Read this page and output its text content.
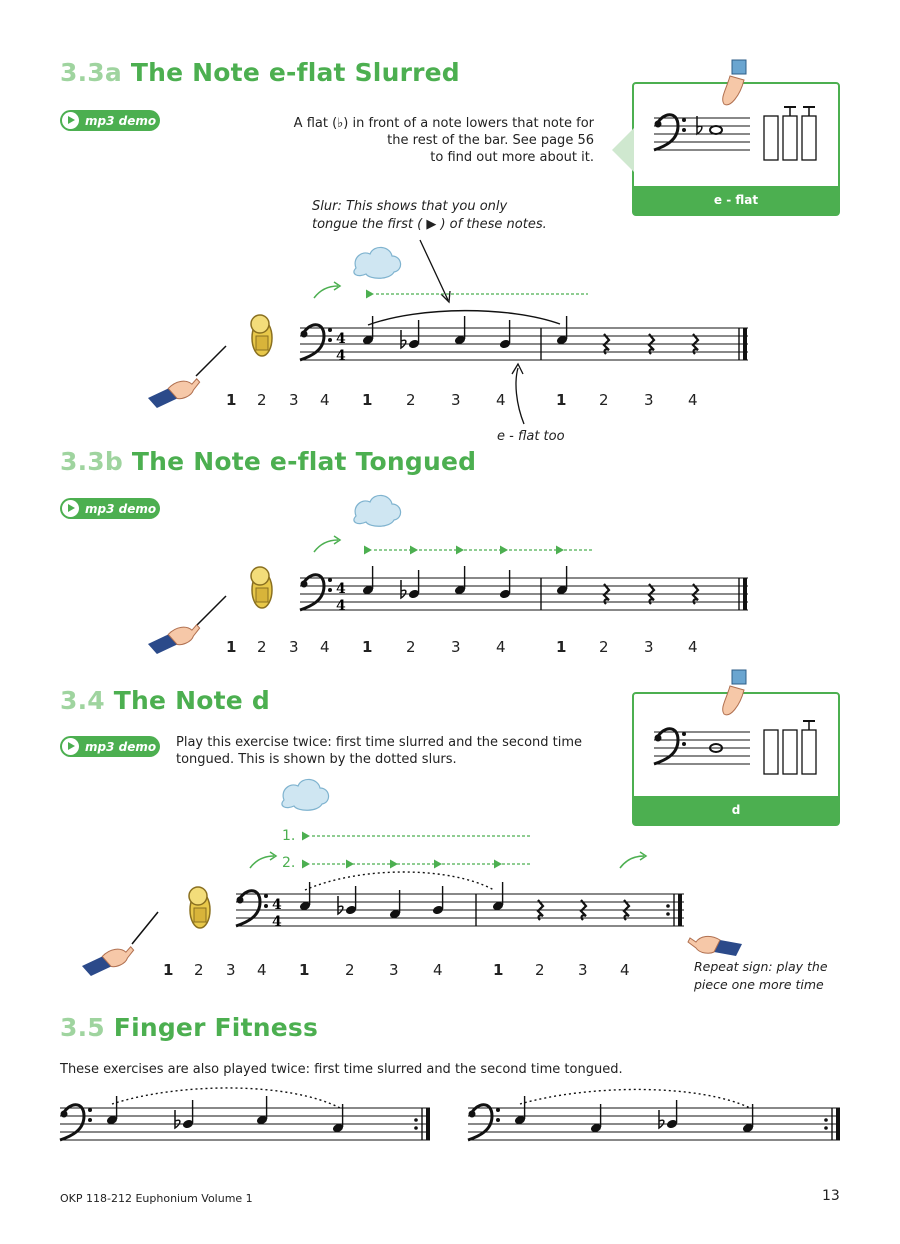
3.3a The Note e-flat Slurred
mp3 demo	A flat (♭) in front of a note lowers that note for
the rest of the bar. See page 56
to find out more about it.
e - flat
Slur: This shows that you only
tongue the first ( ▶ ) of these notes.
e - flat too
1 2 3 4 1 2 3 4	1 2 3 4
3.3b The Note e-flat Tongued
mp3 demo
1 2 3 4 1 2 3 4	1 2 3 4
3.4 The Note d
mp3 demo Play this exercise twice: first time slurred and the second time
tongued. This is shown by the dotted slurs.
d
1.
2.
Repeat sign: play the
piece one more time
1 2 3 4 1 2 3 4	1 2 3 4
3.5 Finger Fitness
These exercises are also played twice: first time slurred and the second time tongued.
OKP 118-212 Euphonium Volume 1	13
4
4
4
4
4
4
